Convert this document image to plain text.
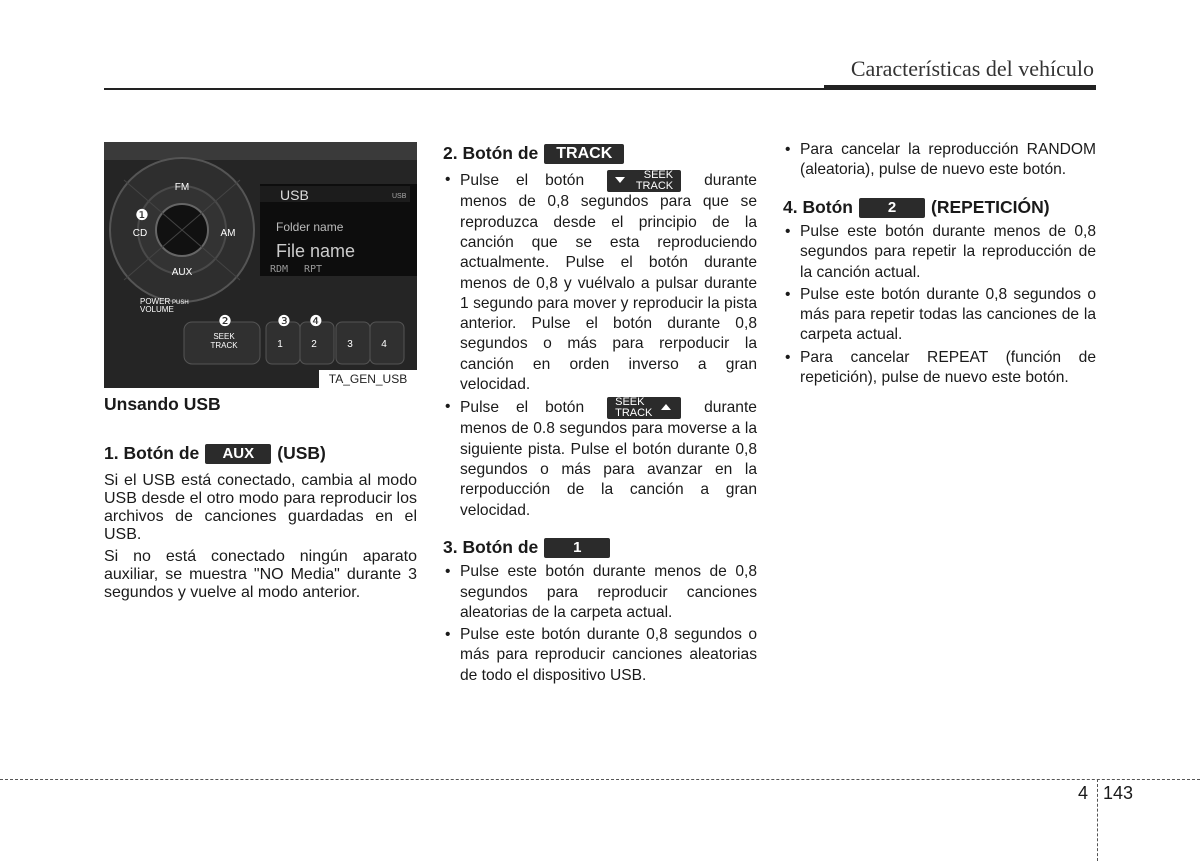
Características del vehículo
FM
CD	AM
AUX
❶
POWER PUSH
VOLUME
USB	USB
Folder name
File name
RDM RPT
SEEK
TRACK	1	2	3	4
❷	❸ ❹
TA_GEN_USB
Unsando USB
1. Botón de AUX (USB)

Si el USB está conectado, cambia al modo USB desde el otro modo para reproducir los archivos de canciones guardadas en el USB.

Si no está conectado ningún aparato auxiliar, se muestra "NO Media" durante 3 segundos y vuelve al modo anterior.

2. Botón de TRACK
• Pulse el botón	SEEK
TRACK durante menos de 0,8 segundos para que se reproduzca desde el principio de la canción que se esta reproduciendo actualmente. Pulse el botón durante menos de 0,8 y vuélvalo a pulsar durante 1 segundo para mover y reproducir la pista anterior. Pulse el botón durante 0,8 segundos o más para rerpoducir la canción en orden inverso a gran velocidad.
• Pulse el botón	SEEK
TRACK	durante menos de 0.8 segundos para moverse a la siguiente pista. Pulse el botón durante 0,8 segundos o más para avanzar en la rerpoducción de la canción a gran velocidad.
3. Botón de 1
• Pulse este botón durante menos de 0,8 segundos para reproducir canciones aleatorias de la carpeta actual.
• Pulse este botón durante 0,8 segundos o más para reproducir canciones aleatorias de todo el dispositivo USB.
• Para cancelar la reproducción RANDOM (aleatoria), pulse de nuevo este botón.
4. Botón 2 (REPETICIÓN)
• Pulse este botón durante menos de 0,8 segundos para repetir la reproducción de la canción actual.
• Pulse este botón durante 0,8 segundos o más para repetir todas las canciones de la carpeta actual.
• Para cancelar REPEAT (función de repetición), pulse de nuevo este botón.
4 143
